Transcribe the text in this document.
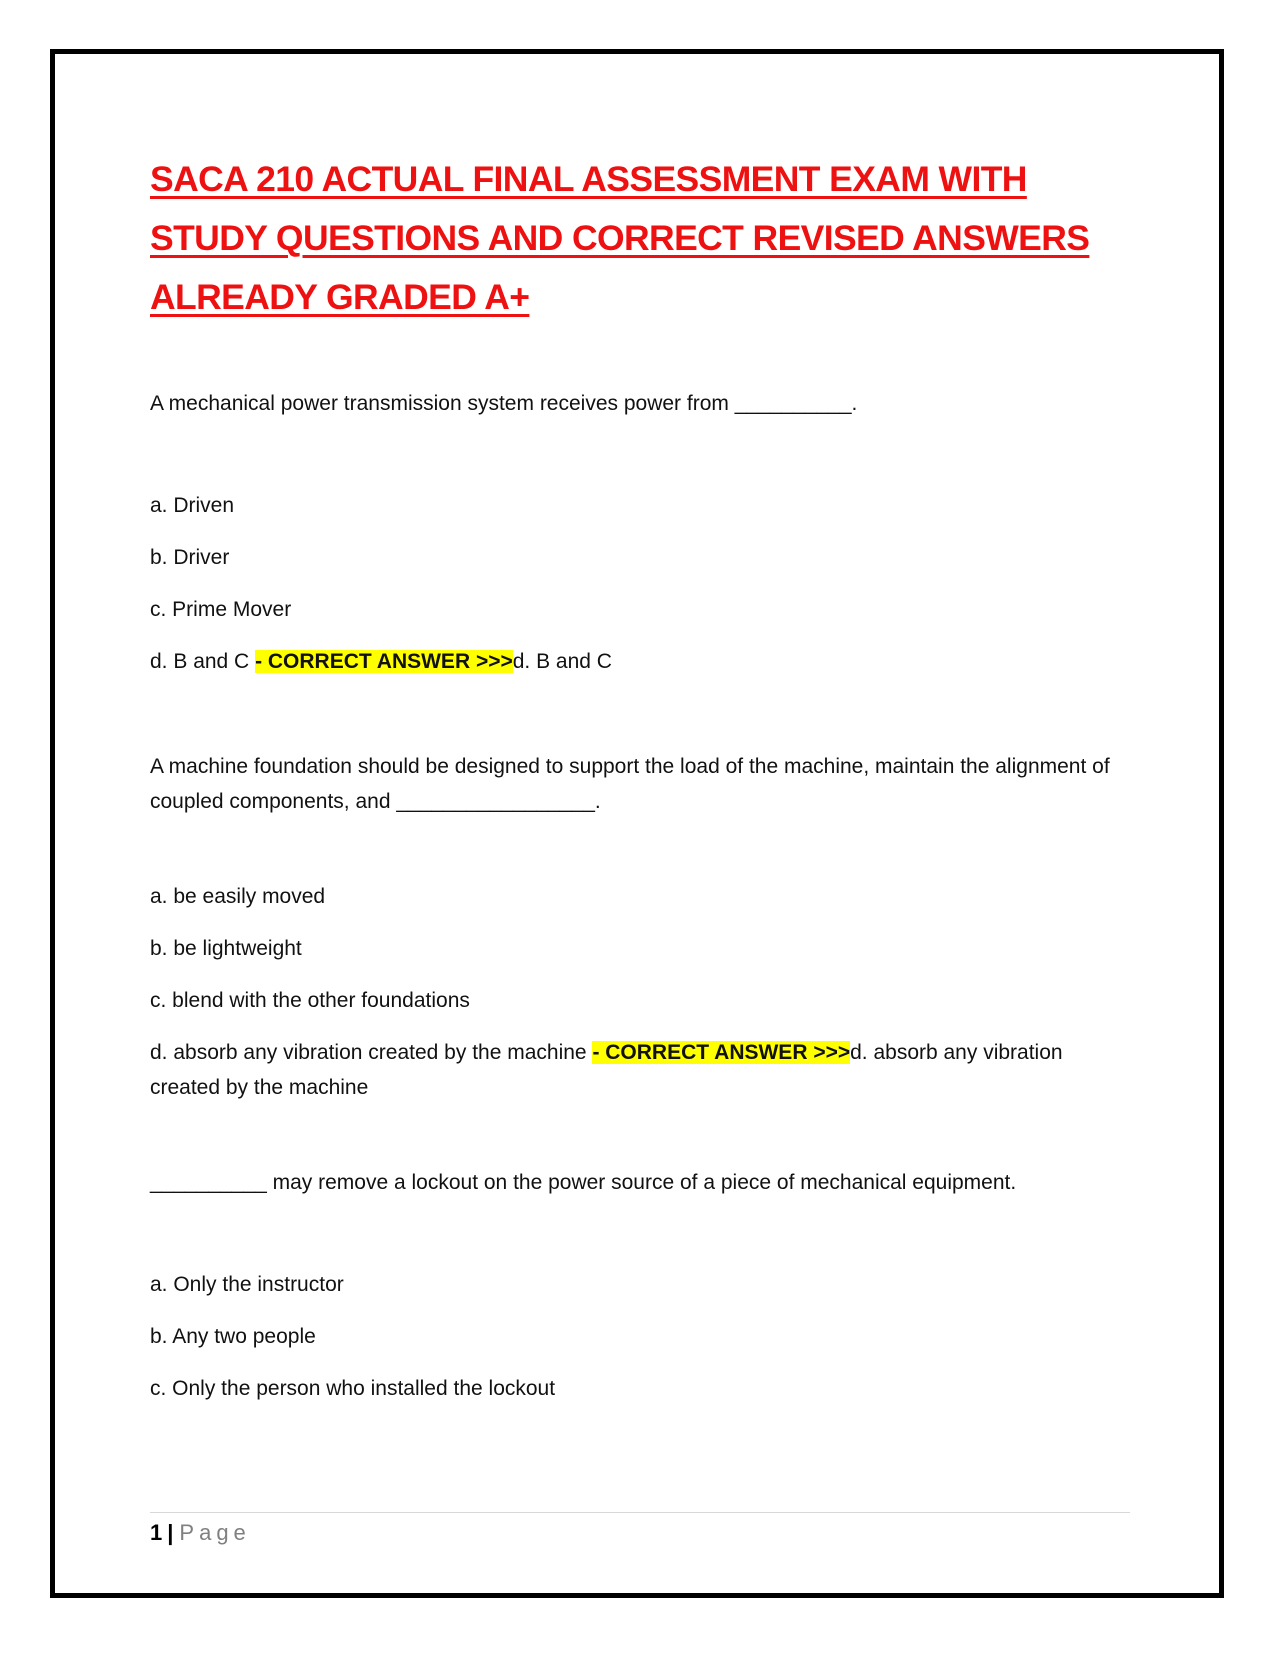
SACA 210 ACTUAL FINAL ASSESSMENT EXAM WITH STUDY QUESTIONS AND CORRECT REVISED ANSWERS ALREADY GRADED A+

A mechanical power transmission system receives power from __________.

a. Driven

b. Driver

c. Prime Mover

d. B and C - CORRECT ANSWER >>>d. B and C

A machine foundation should be designed to support the load of the machine, maintain the alignment of coupled components, and _________________.

a. be easily moved

b. be lightweight

c. blend with the other foundations

d. absorb any vibration created by the machine - CORRECT ANSWER >>>d. absorb any vibration created by the machine

__________ may remove a lockout on the power source of a piece of mechanical equipment.

a. Only the instructor

b. Any two people

c. Only the person who installed the lockout

1 | Page
